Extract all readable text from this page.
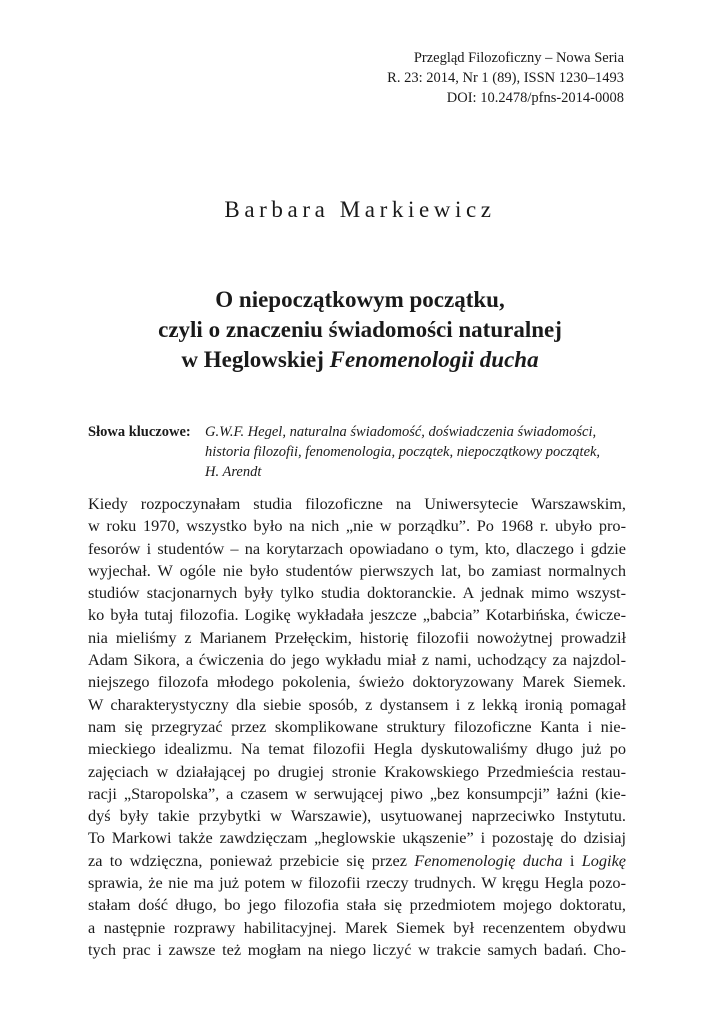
Przegląd Filozoficzny – Nowa Seria
R. 23: 2014, Nr 1 (89), ISSN 1230–1493
DOI: 10.2478/pfns-2014-0008
Barbara Markiewicz
O niepoczątkowym początku,
czyli o znaczeniu świadomości naturalnej
w Heglowskiej Fenomenologii ducha
Słowa kluczowe: G.W.F. Hegel, naturalna świadomość, doświadczenia świadomości,
historia filozofii, fenomenologia, początek, niepoczątkowy początek,
H. Arendt
Kiedy rozpoczynałam studia filozoficzne na Uniwersytecie Warszawskim,
w roku 1970, wszystko było na nich „nie w porządku”. Po 1968 r. ubyło pro-
fesorów i studentów – na korytarzach opowiadano o tym, kto, dlaczego i gdzie
wyjechał. W ogóle nie było studentów pierwszych lat, bo zamiast normalnych
studiów stacjonarnych były tylko studia doktoranckie. A jednak mimo wszyst-
ko była tutaj filozofia. Logikę wykładała jeszcze „babcia” Kotarbińska, ćwicze-
nia mieliśmy z Marianem Przełęckim, historię filozofii nowożytnej prowadził
Adam Sikora, a ćwiczenia do jego wykładu miał z nami, uchodzący za najzdol-
niejszego filozofa młodego pokolenia, świeżo doktoryzowany Marek Siemek.
W charakterystyczny dla siebie sposób, z dystansem i z lekką ironią pomagał
nam się przegryzać przez skomplikowane struktury filozoficzne Kanta i nie-
mieckiego idealizmu. Na temat filozofii Hegla dyskutowaliśmy długo już po
zajęciach w działającej po drugiej stronie Krakowskiego Przedmieścia restau-
racji „Staropolska”, a czasem w serwującej piwo „bez konsumpcji” łaźni (kie-
dyś były takie przybytki w Warszawie), usytuowanej naprzeciwko Instytutu.
To Markowi także zawdzięczam „heglowskie ukąszenie” i pozostaję do dzisiaj
za to wdzięczna, ponieważ przebicie się przez Fenomenologię ducha i Logikę
sprawia, że nie ma już potem w filozofii rzeczy trudnych. W kręgu Hegla pozo-
stałam dość długo, bo jego filozofia stała się przedmiotem mojego doktoratu,
a następnie rozprawy habilitacyjnej. Marek Siemek był recenzentem obydwu
tych prac i zawsze też mogłam na niego liczyć w trakcie samych badań. Cho-
